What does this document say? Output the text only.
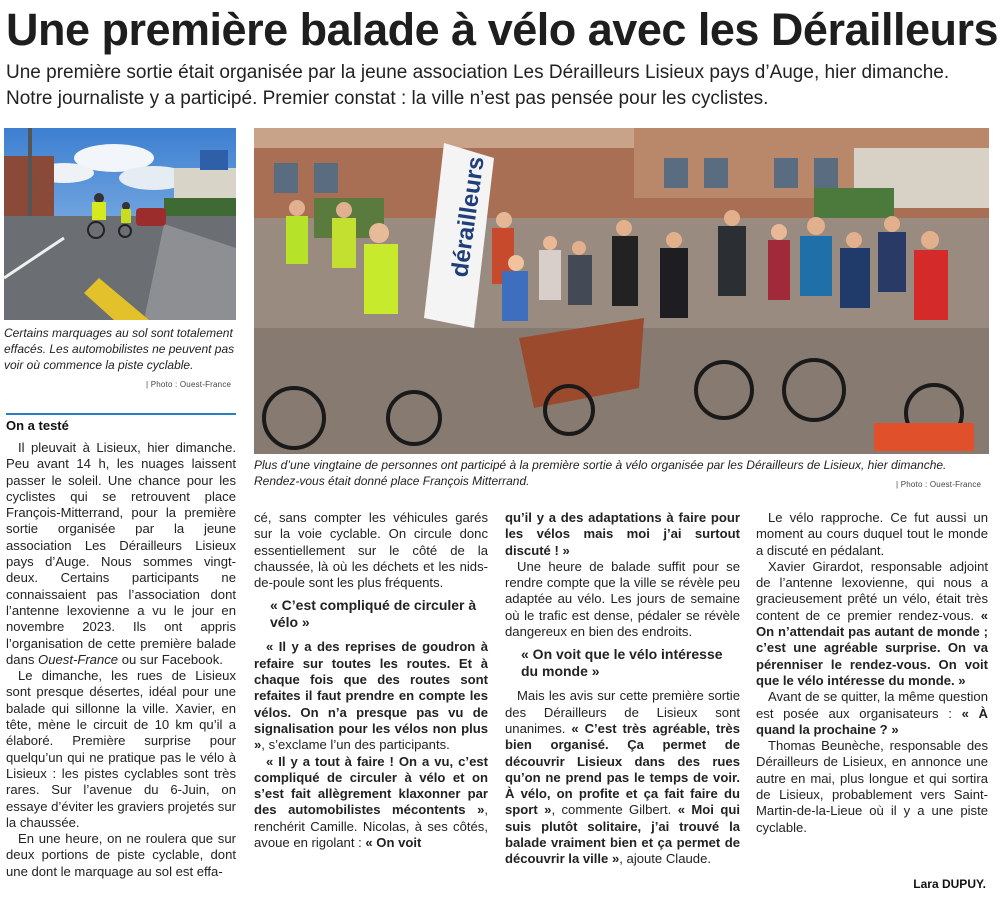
Une première balade à vélo avec les Dérailleurs
Une première sortie était organisée par la jeune association Les Dérailleurs Lisieux pays d’Auge, hier dimanche. Notre journaliste y a participé. Premier constat : la ville n’est pas pensée pour les cyclistes.
Certains marquages au sol sont totalement effacés. Les automobilistes ne peuvent pas voir où commence la piste cyclable.
| Photo : Ouest-France
dérailleurs
Plus d’une vingtaine de personnes ont participé à la première sortie à vélo organisée par les Dérailleurs de Lisieux, hier dimanche. Rendez-vous était donné place François Mitterrand.	| Photo : Ouest-France
On a testé

Il pleuvait à Lisieux, hier dimanche. Peu avant 14 h, les nuages laissent passer le soleil. Une chance pour les cyclistes qui se retrouvent place François-Mitterrand, pour la première sortie organisée par la jeune association Les Dérailleurs Lisieux pays d’Auge. Nous sommes vingt-deux. Certains participants ne connaissaient pas l’association dont l’antenne lexovienne a vu le jour en novembre 2023. Ils ont appris l’organisation de cette première balade dans Ouest-France ou sur Facebook.

Le dimanche, les rues de Lisieux sont presque désertes, idéal pour une balade qui sillonne la ville. Xavier, en tête, mène le circuit de 10 km qu’il a élaboré. Première surprise pour quelqu’un qui ne pratique pas le vélo à Lisieux : les pistes cyclables sont très rares. Sur l’avenue du 6-Juin, on essaye d’éviter les graviers projetés sur la chaussée.

En une heure, on ne roulera que sur deux portions de piste cyclable, dont une dont le marquage au sol est effa-

cé, sans compter les véhicules garés sur la voie cyclable. On circule donc essentiellement sur le côté de la chaussée, là où les déchets et les nids-de-poule sont les plus fréquents.

« C’est compliqué de circuler à vélo »

« Il y a des reprises de goudron à refaire sur toutes les routes. Et à chaque fois que des routes sont refaites il faut prendre en compte les vélos. On n’a presque pas vu de signalisation pour les vélos non plus », s’exclame l’un des participants.

« Il y a tout à faire ! On a vu, c’est compliqué de circuler à vélo et on s’est fait allègrement klaxonner par des automobilistes mécontents », renchérit Camille. Nicolas, à ses côtés, avoue en rigolant : « On voit

qu’il y a des adaptations à faire pour les vélos mais moi j’ai surtout discuté ! »

Une heure de balade suffit pour se rendre compte que la ville se révèle peu adaptée au vélo. Les jours de semaine où le trafic est dense, pédaler se révèle dangereux en bien des endroits.

« On voit que le vélo intéresse du monde »

Mais les avis sur cette première sortie des Dérailleurs de Lisieux sont unanimes. « C’est très agréable, très bien organisé. Ça permet de découvrir Lisieux dans des rues qu’on ne prend pas le temps de voir. À vélo, on profite et ça fait faire du sport », commente Gilbert. « Moi qui suis plutôt solitaire, j’ai trouvé la balade vraiment bien et ça permet de découvrir la ville », ajoute Claude.

Le vélo rapproche. Ce fut aussi un moment au cours duquel tout le monde a discuté en pédalant.

Xavier Girardot, responsable adjoint de l’antenne lexovienne, qui nous a gracieusement prêté un vélo, était très content de ce premier rendez-vous. « On n’attendait pas autant de monde ; c’est une agréable surprise. On va pérenniser le rendez-vous. On voit que le vélo intéresse du monde. »

Avant de se quitter, la même question est posée aux organisateurs : « À quand la prochaine ? »

Thomas Beunèche, responsable des Dérailleurs de Lisieux, en annonce une autre en mai, plus longue et qui sortira de Lisieux, probablement vers Saint-Martin-de-la-Lieue où il y a une piste cyclable.

Lara DUPUY.
